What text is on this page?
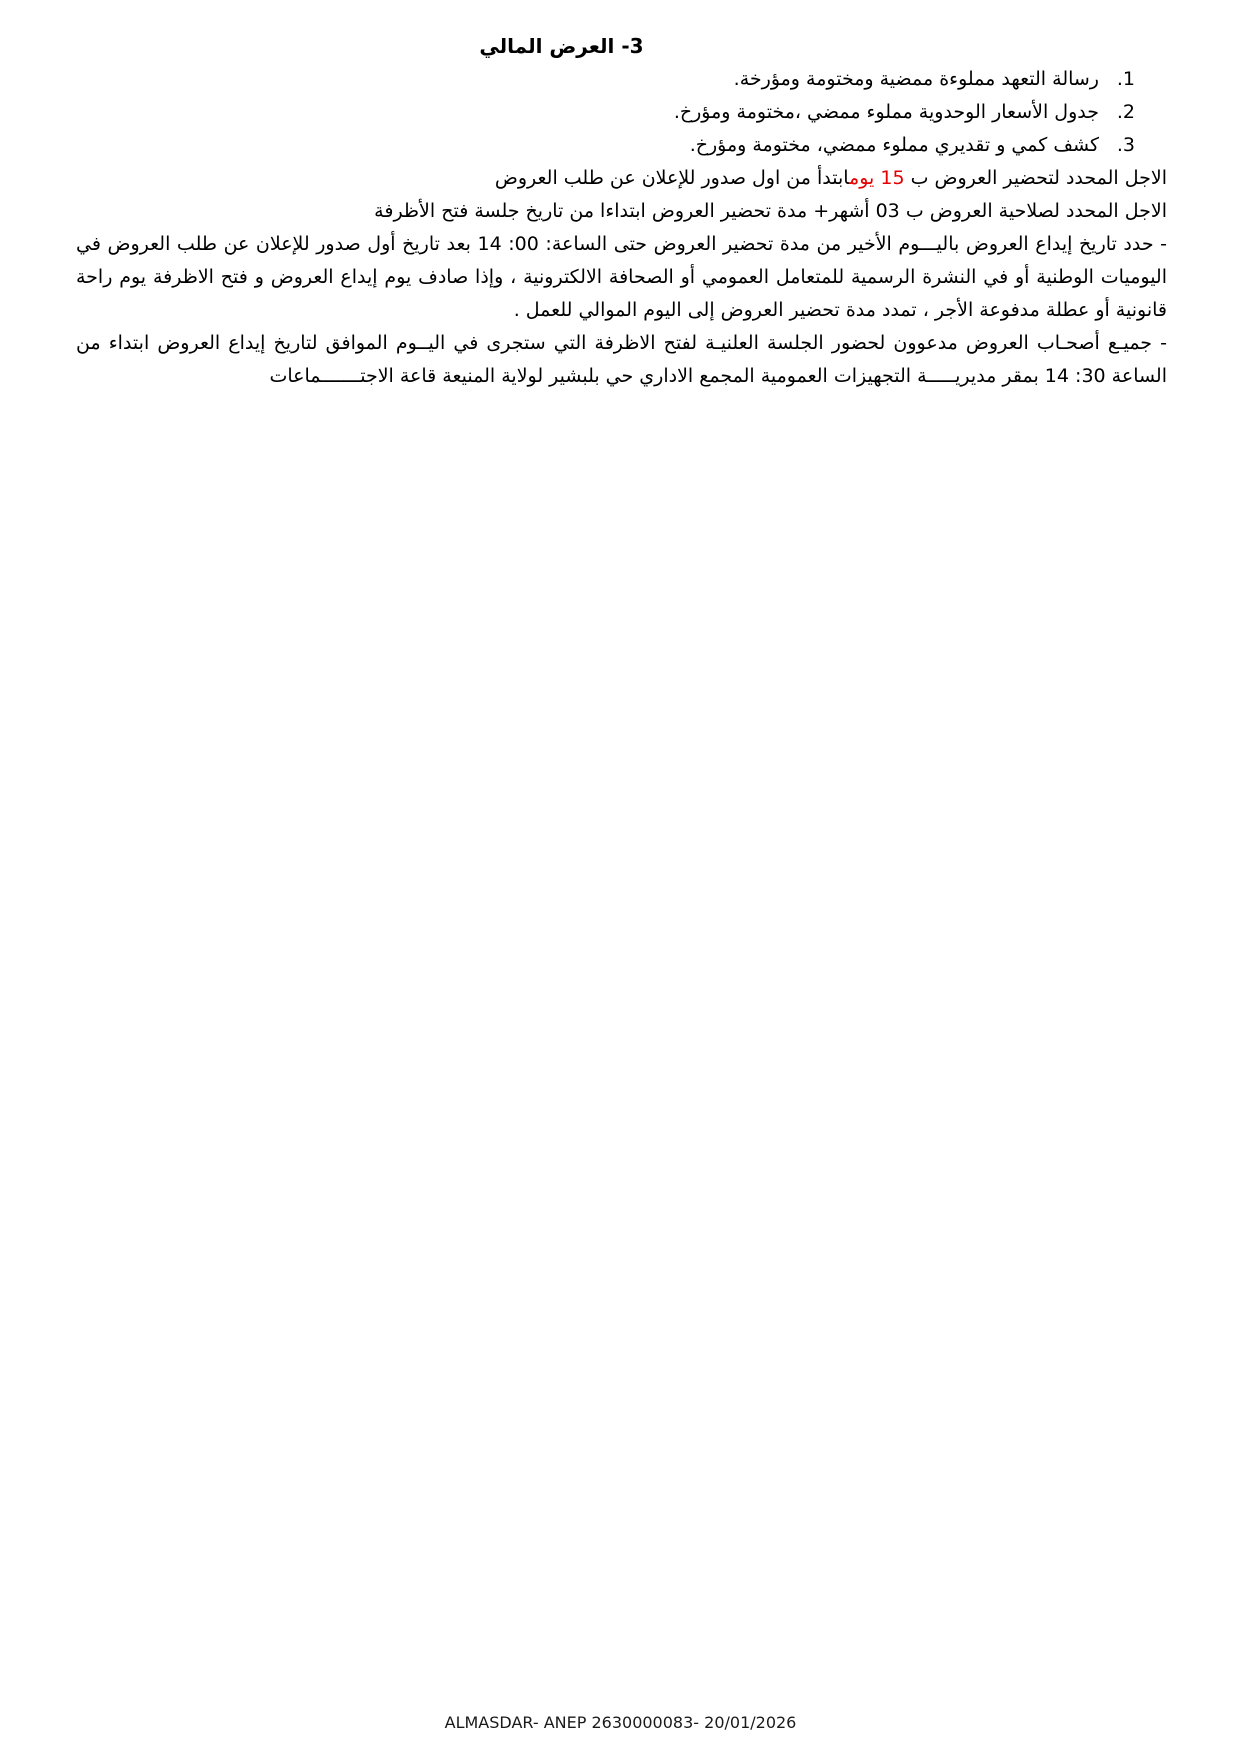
3- العرض المالي
1 .
رسالة التعهد مملوءة ممضية ومختومة ومؤرخة.
2 .
جدول الأسعار الوحدوية مملوء ممضي ،مختومة ومؤرخ.
3 .
كشف كمي و تقديري مملوء ممضي، مختومة ومؤرخ.

الاجل المحدد لتحضير العروض ب 15 يومابتدأ من اول صدور للإعلان عن طلب العروض

الاجل المحدد لصلاحية العروض ب 03 أشهر+ مدة تحضير العروض ابتداءا من تاريخ جلسة فتح الأظرفة

- حدد تاريخ إيداع العروض باليـــوم الأخير من مدة تحضير العروض حتى الساعة: 00: 14 بعد تاريخ أول صدور للإعلان عن طلب العروض في اليوميات الوطنية أو في النشرة الرسمية للمتعامل العمومي أو الصحافة الالكترونية ، وإذا صادف يوم إيداع العروض و فتح الاظرفة يوم راحة قانونية أو عطلة مدفوعة الأجر ، تمدد مدة تحضير العروض إلى اليوم الموالي للعمل .

- جميـع أصحـاب العروض مدعوون لحضور الجلسة العلنيـة لفتح الاظرفة التي ستجرى في اليــوم الموافق لتاريخ إيداع العروض ابتداء من الساعة 30: 14 بمقر مديريـــــة التجهيزات العمومية المجمع الاداري حي بلبشير لولاية المنيعة قاعة الاجتـــــــماعات

ALMASDAR- ANEP 2630000083- 20/01/2026
